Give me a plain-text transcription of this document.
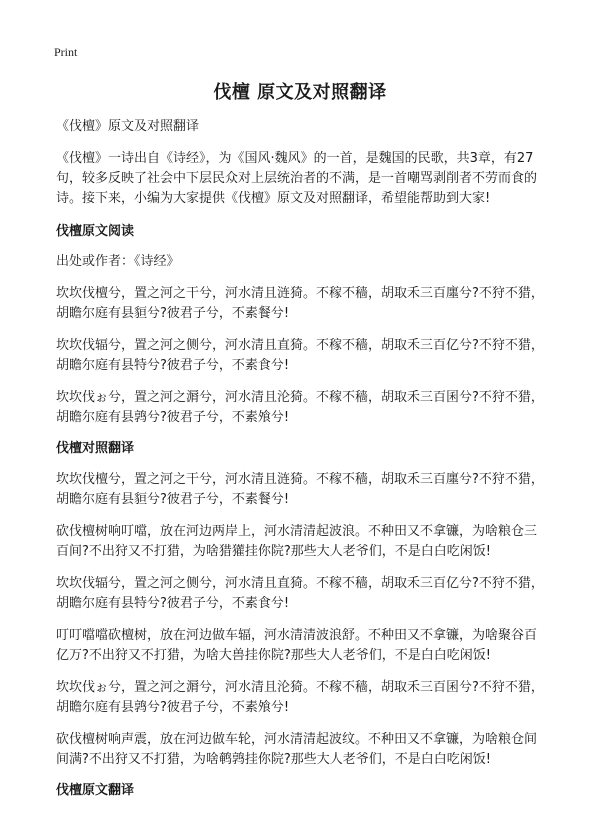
Print
伐檀 原文及对照翻译

《伐檀》原文及对照翻译

《伐檀》一诗出自《诗经》，为《国风·魏风》的一首，是魏国的民歌，共3章，有27句，较多反映了社会中下层民众对上层统治者的不满，是一首嘲骂剥削者不劳而食的诗。接下来，小编为大家提供《伐檀》原文及对照翻译，希望能帮助到大家!

伐檀原文阅读

出处或作者：《诗经》

坎坎伐檀兮，置之河之干兮，河水清且涟猗。不稼不穑，胡取禾三百廛兮?不狩不猎，胡瞻尔庭有县貆兮?彼君子兮，不素餐兮!

坎坎伐辐兮，置之河之侧兮，河水清且直猗。不稼不穑，胡取禾三百亿兮?不狩不猎，胡瞻尔庭有县特兮?彼君子兮，不素食兮!

坎坎伐ぉ兮，置之河之漘兮，河水清且沦猗。不稼不穑，胡取禾三百囷兮?不狩不猎，胡瞻尔庭有县鹑兮?彼君子兮，不素飧兮!

伐檀对照翻译

坎坎伐檀兮，置之河之干兮，河水清且涟猗。不稼不穑，胡取禾三百廛兮?不狩不猎，胡瞻尔庭有县貆兮?彼君子兮，不素餐兮!

砍伐檀树响叮噹，放在河边两岸上，河水清清起波浪。不种田又不拿镰，为啥粮仓三百间?不出狩又不打猎，为啥猎獾挂你院?那些大人老爷们，不是白白吃闲饭!

坎坎伐辐兮，置之河之侧兮，河水清且直猗。不稼不穑，胡取禾三百亿兮?不狩不猎，胡瞻尔庭有县特兮?彼君子兮，不素食兮!

叮叮噹噹砍檀树，放在河边做车辐，河水清清波浪舒。不种田又不拿镰，为啥聚谷百亿万?不出狩又不打猎，为啥大兽挂你院?那些大人老爷们，不是白白吃闲饭!

坎坎伐ぉ兮，置之河之漘兮，河水清且沦猗。不稼不穑，胡取禾三百囷兮?不狩不猎，胡瞻尔庭有县鹑兮?彼君子兮，不素飧兮!

砍伐檀树响声震，放在河边做车轮，河水清清起波纹。不种田又不拿镰，为啥粮仓间间满?不出狩又不打猎，为啥鹌鹑挂你院?那些大人老爷们，不是白白吃闲饭!

伐檀原文翻译
